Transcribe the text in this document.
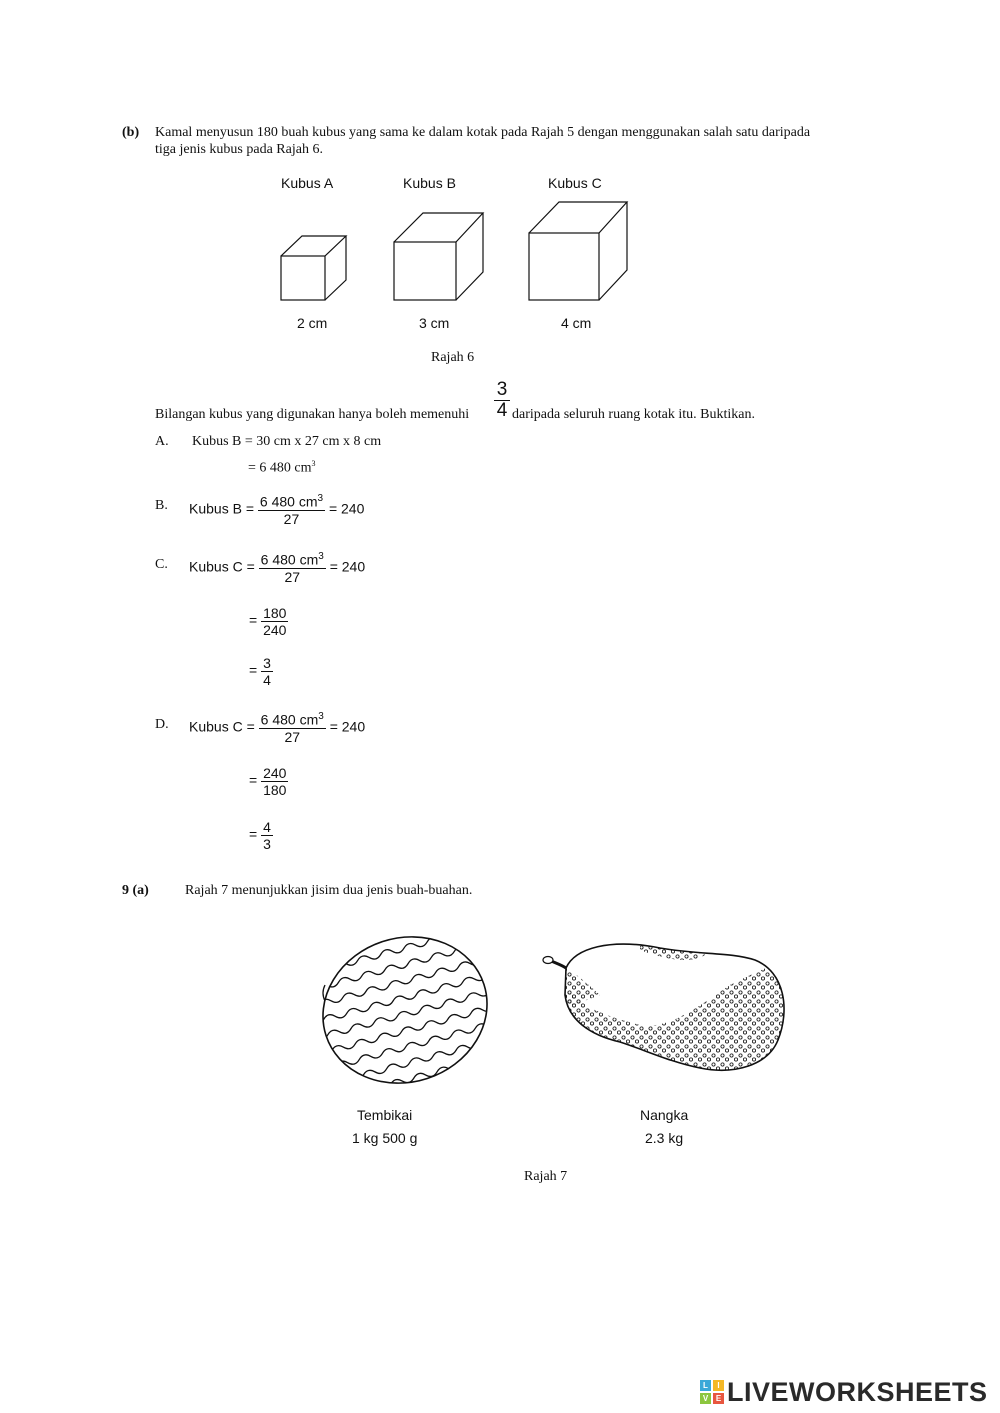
(b) Kamal menyusun 180 buah kubus yang sama ke dalam kotak pada Rajah 5 dengan menggunakan salah satu daripada
tiga jenis kubus pada Rajah 6.
Kubus A	Kubus B	Kubus C
2 cm	3 cm	4 cm
Rajah 6
Bilangan kubus yang digunakan hanya boleh memenuhi $\frac{3}{4}$ daripada seluruh ruang kotak itu. Buktikan.
A. Kubus B = 30 cm x 27 cm x 8 cm
= 6 480 $cm^3$
B. Kubus $B = \frac{6 480 cm^3}{27} = 240$
C. Kubus $C = \frac{6 480 cm^3}{27} = 240$
= $\frac{180}{240}$
= $\frac{3}{4}$
D. Kubus $C = \frac{6 480 cm^3}{27} = 240$
= $\frac{240}{180}$
= $\frac{4}{3}$
9 (a)	Rajah 7 menunjukkan jisim dua jenis buah-buahan.
Tembikai
1 kg 500 g
Nangka
2.3 kg
Rajah 7
L	I
V E LIVEWORKSHEETS
